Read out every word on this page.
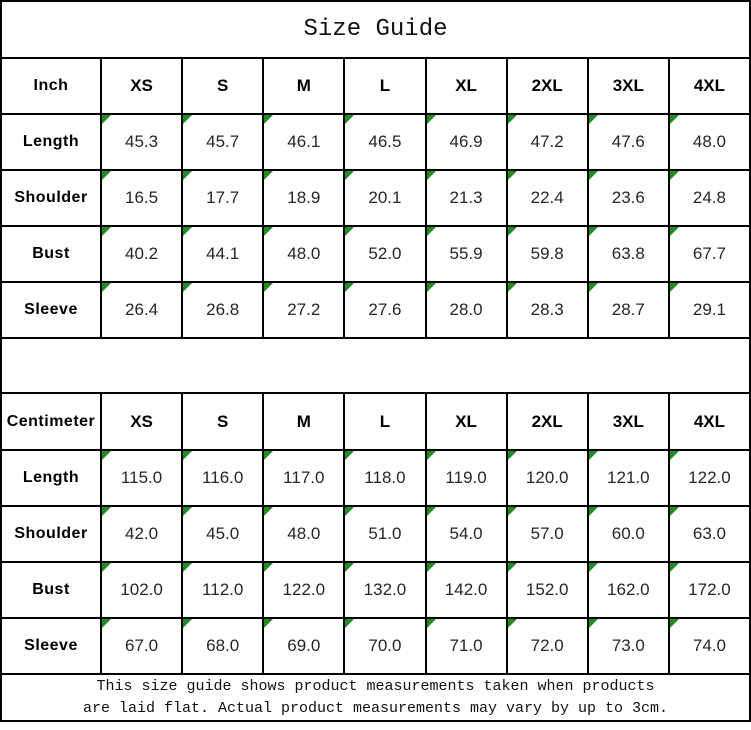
Size Guide
Inch	XS	S	M	L	XL	2XL	3XL	4XL
Length	45.3	45.7	46.1	46.5	46.9	47.2	47.6	48.0
Shoulder	16.5	17.7	18.9	20.1	21.3	22.4	23.6	24.8
Bust	40.2	44.1	48.0	52.0	55.9	59.8	63.8	67.7
Sleeve	26.4	26.8	27.2	27.6	28.0	28.3	28.7	29.1
Centimeter	XS	S	M	L	XL	2XL	3XL	4XL
Length	115.0 116.0 117.0 118.0 119.0 120.0 121.0 122.0
Shoulder	42.0	45.0	48.0	51.0	54.0	57.0	60.0	63.0
Bust	102.0 112.0 122.0 132.0 142.0 152.0 162.0 172.0
Sleeve	67.0	68.0	69.0	70.0	71.0	72.0	73.0	74.0
This size guide shows product measurements taken when products
are laid flat. Actual product measurements may vary by up to 3cm.
